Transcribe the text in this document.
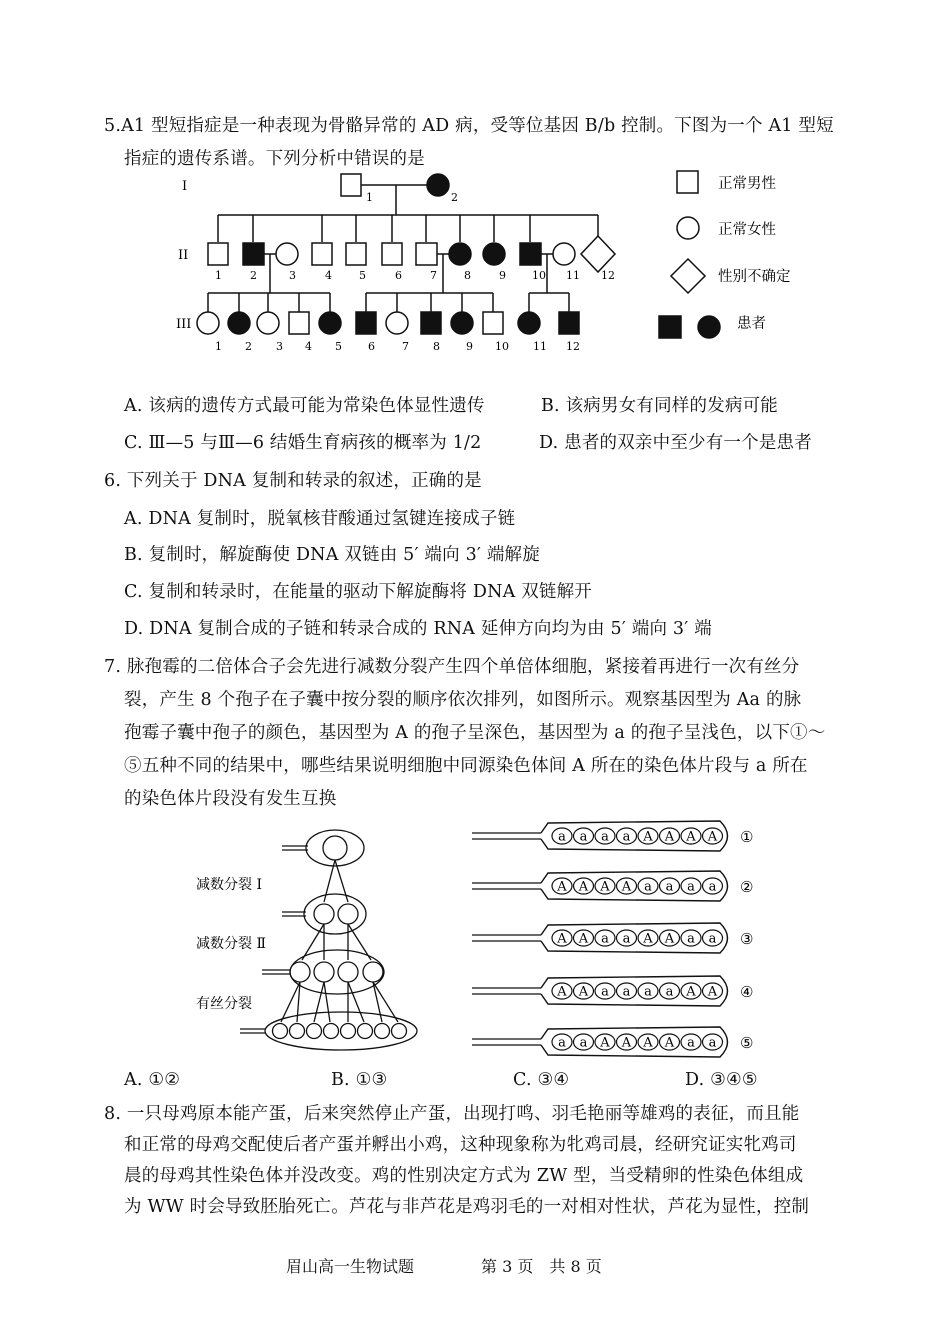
5.A1 型短指症是一种表现为骨骼异常的 AD 病，受等位基因 B/b 控制。下图为一个 A1 型短
指症的遗传系谱。下列分析中错误的是
I
II
III
1	2
1	2	3	4 5	6	7 8	9 10 11 12
1 2 3 4 5 6 7 8 9 10 11 12
正常男性
正常女性
性别不确定
患者
A. 该病的遗传方式最可能为常染色体显性遗传	B. 该病男女有同样的发病可能
C. Ⅲ—5 与Ⅲ—6 结婚生育病孩的概率为 1/2	D. 患者的双亲中至少有一个是患者
6. 下列关于 DNA 复制和转录的叙述，正确的是
A. DNA 复制时，脱氧核苷酸通过氢键连接成子链
B. 复制时，解旋酶使 DNA 双链由 5′ 端向 3′ 端解旋
C. 复制和转录时，在能量的驱动下解旋酶将 DNA 双链解开
D. DNA 复制合成的子链和转录合成的 RNA 延伸方向均为由 5′ 端向 3′ 端
7. 脉孢霉的二倍体合子会先进行减数分裂产生四个单倍体细胞，紧接着再进行一次有丝分
裂，产生 8 个孢子在子囊中按分裂的顺序依次排列，如图所示。观察基因型为 Aa 的脉
孢霉子囊中孢子的颜色，基因型为 A 的孢子呈深色，基因型为 a 的孢子呈浅色，以下①～
⑤五种不同的结果中，哪些结果说明细胞中同源染色体间 A 所在的染色体片段与 a 所在
的染色体片段没有发生互换
减数分裂 Ⅰ
减数分裂 Ⅱ
有丝分裂
a a a a A A A A ①
A A A A a a a a ②
A A a a A A a a ③
A A a a a a A A ④
a a A A A A a a ⑤
A. ①②	B. ①③	C. ③④	D. ③④⑤
8. 一只母鸡原本能产蛋，后来突然停止产蛋，出现打鸣、羽毛艳丽等雄鸡的表征，而且能
和正常的母鸡交配使后者产蛋并孵出小鸡，这种现象称为牝鸡司晨，经研究证实牝鸡司
晨的母鸡其性染色体并没改变。鸡的性别决定方式为 ZW 型，当受精卵的性染色体组成
为 WW 时会导致胚胎死亡。芦花与非芦花是鸡羽毛的一对相对性状，芦花为显性，控制
眉山高一生物试题	第 3 页　共 8 页
